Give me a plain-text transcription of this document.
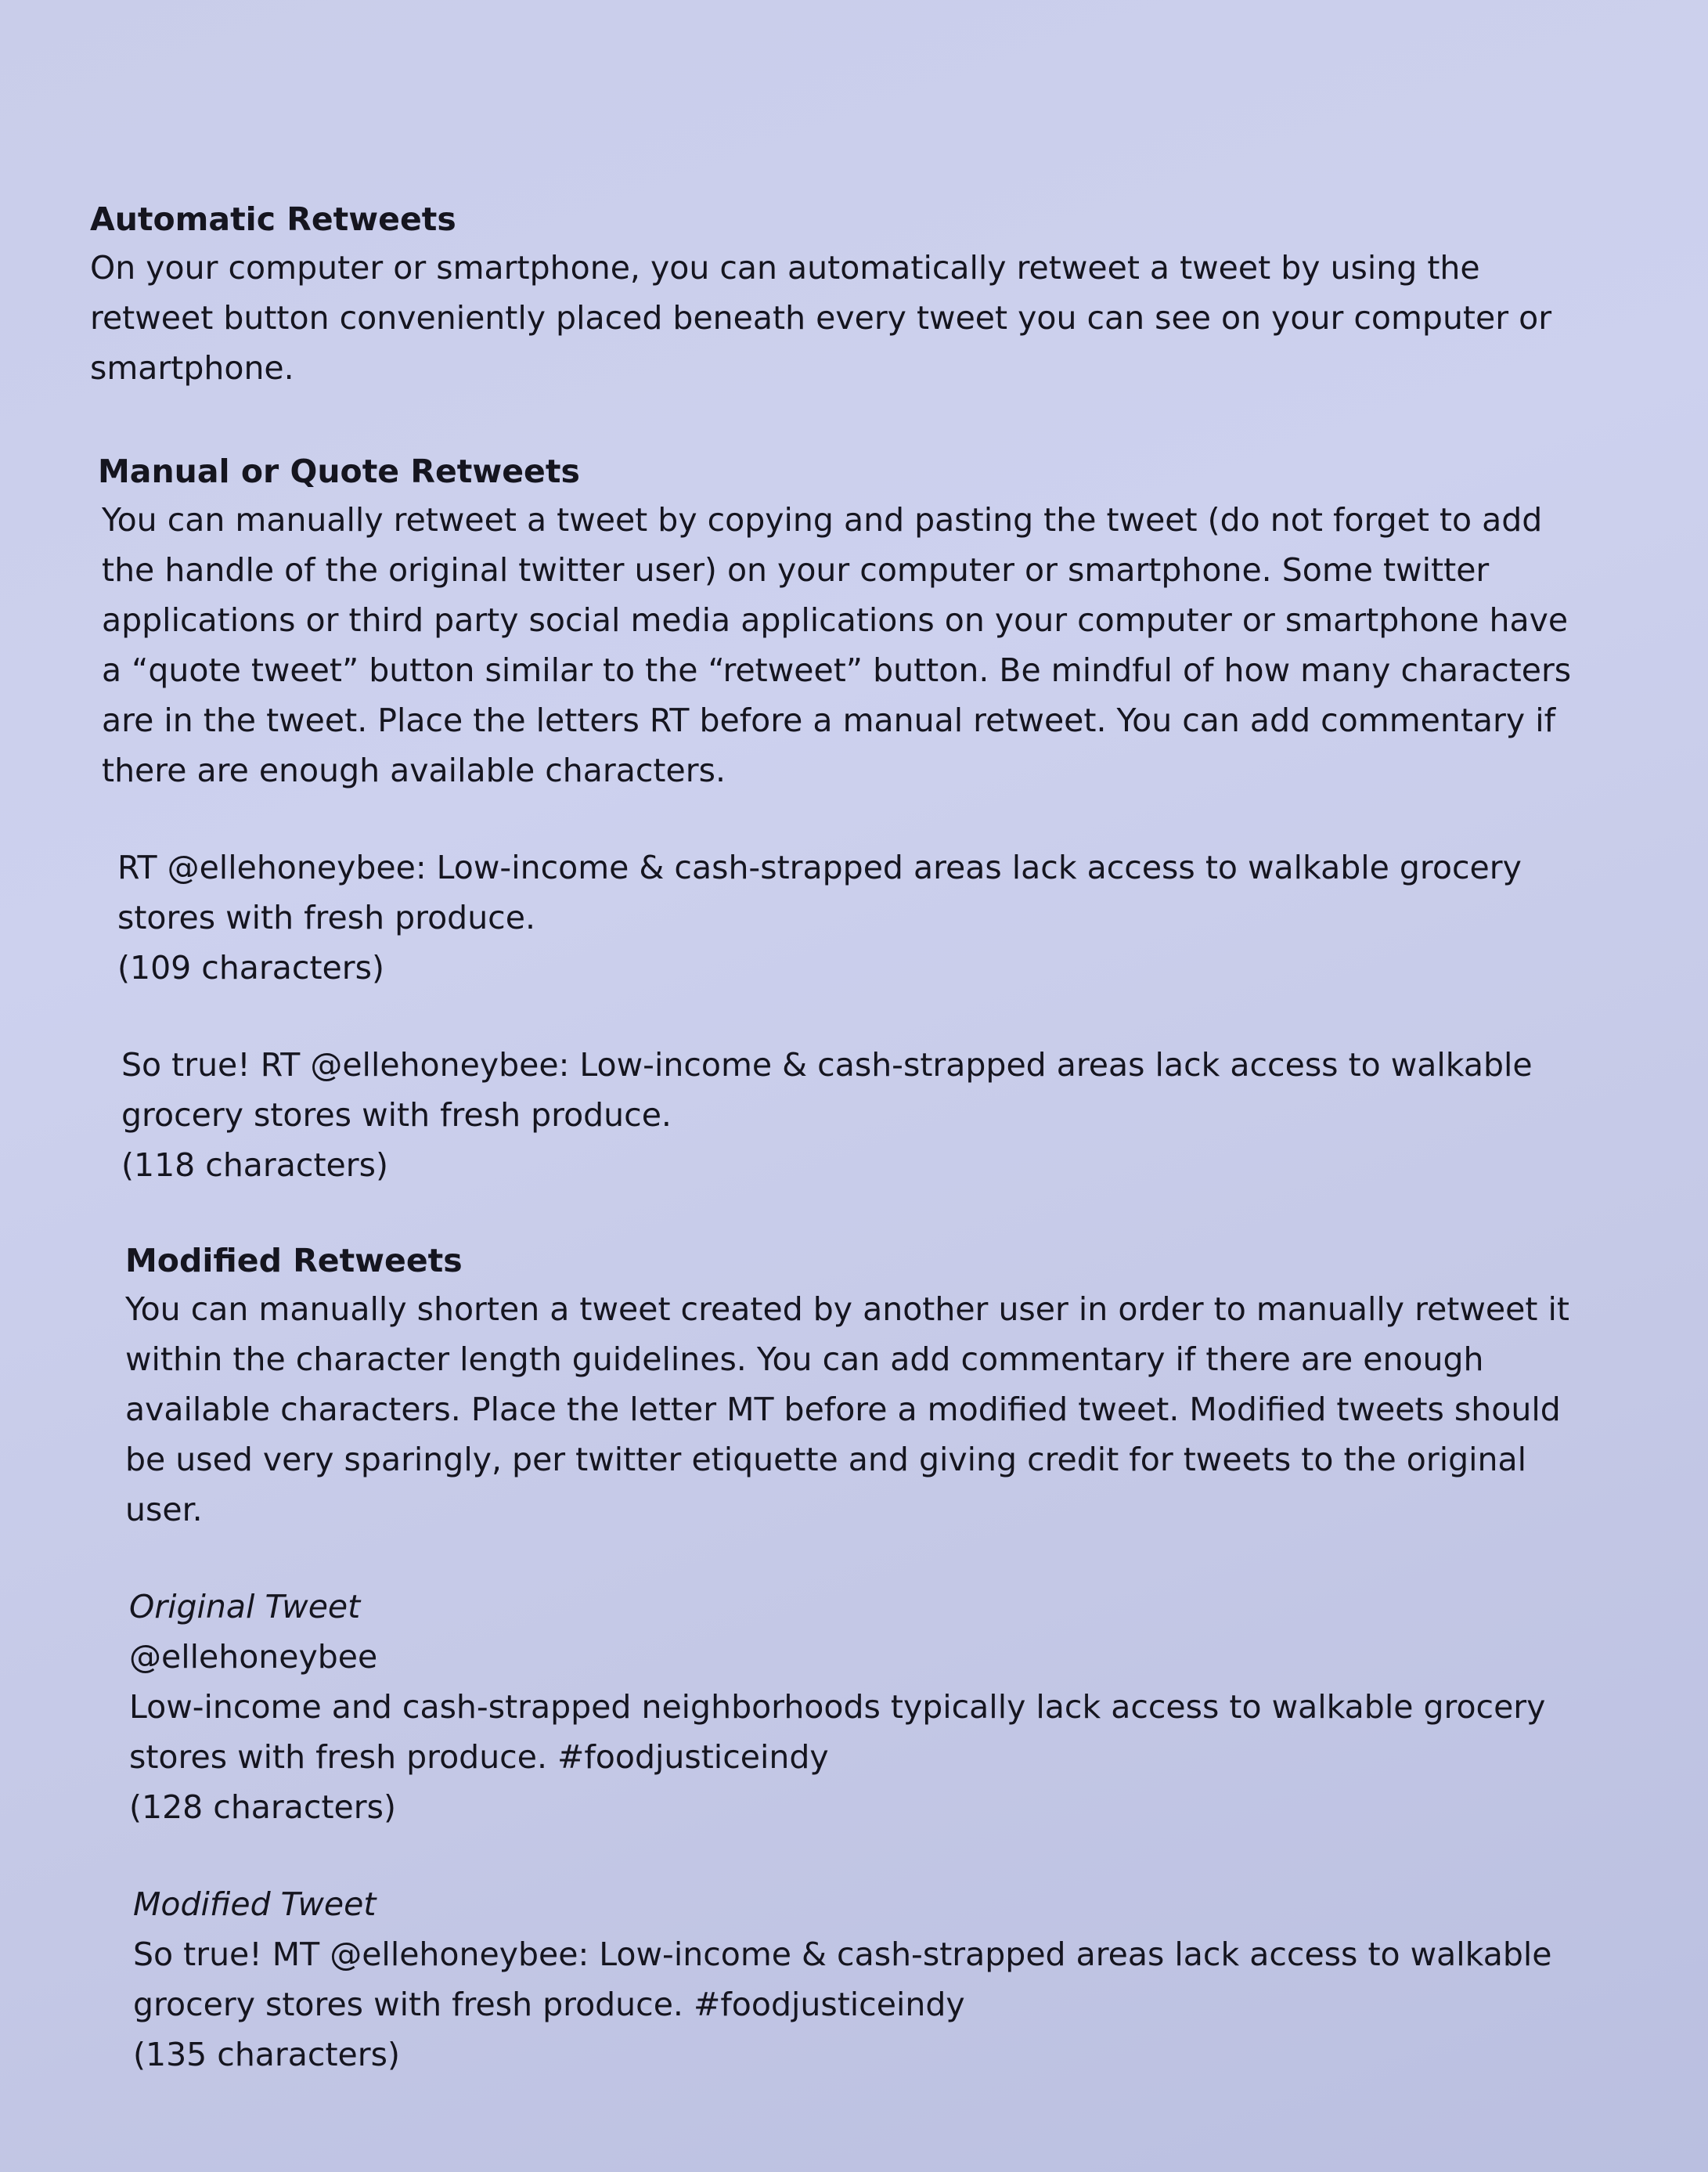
Automatic Retweets

On your computer or smartphone, you can automatically retweet a tweet by using the retweet button conveniently placed beneath every tweet you can see on your computer or smartphone.

Manual or Quote Retweets

You can manually retweet a tweet by copying and pasting the tweet (do not forget to add the handle of the original twitter user) on your computer or smartphone. Some twitter applications or third party social media applications on your computer or smartphone have a “quote tweet” button similar to the “retweet” button. Be mindful of how many characters are in the tweet. Place the letters RT before a manual retweet. You can add commentary if there are enough available characters.

RT @ellehoneybee: Low-income & cash-strapped areas lack access to walkable grocery stores with fresh produce.

(109 characters)

So true! RT @ellehoneybee: Low-income & cash-strapped areas lack access to walkable grocery stores with fresh produce.

(118 characters)

Modified Retweets

You can manually shorten a tweet created by another user in order to manually retweet it within the character length guidelines. You can add commentary if there are enough available characters. Place the letter MT before a modified tweet. Modified tweets should be used very sparingly, per twitter etiquette and giving credit for tweets to the original user.

Original Tweet

@ellehoneybee

Low-income and cash-strapped neighborhoods typically lack access to walkable grocery stores with fresh produce. #foodjusticeindy

(128 characters)

Modified Tweet

So true! MT @ellehoneybee: Low-income & cash-strapped areas lack access to walkable grocery stores with fresh produce. #foodjusticeindy

(135 characters)
